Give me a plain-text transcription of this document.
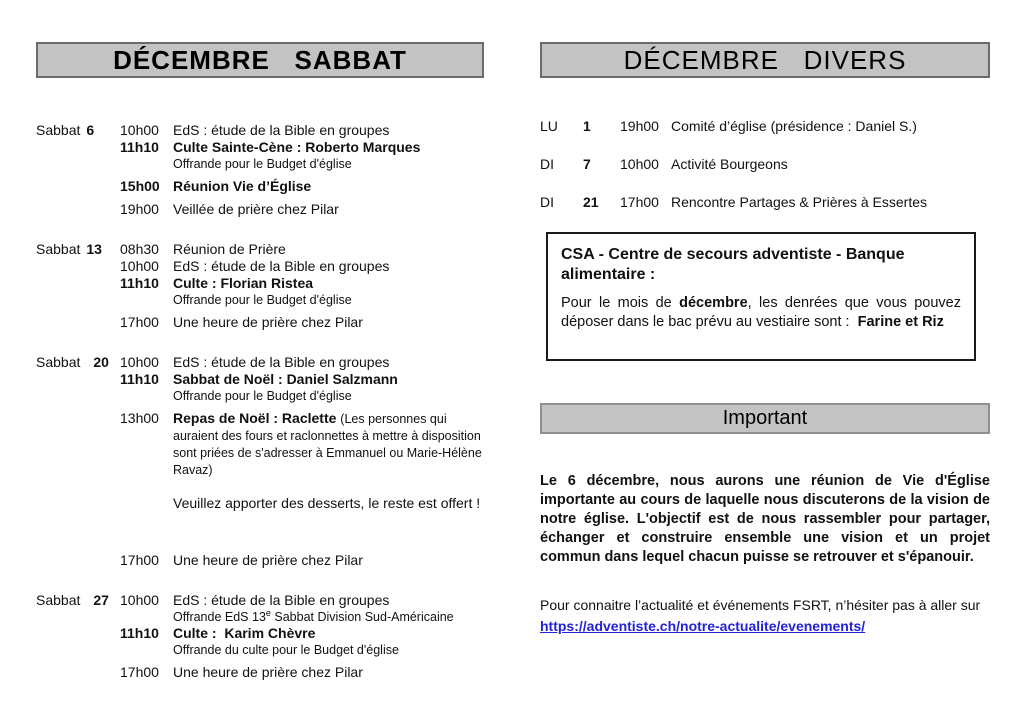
DÉCEMBRE   SABBAT
Sabbat 6 10h00	EdS : étude de la Bible en groupes
11h10	Culte Sainte-Cène : Roberto Marques
Offrande pour le Budget d'église
15h00 Réunion Vie d’Église
19h00	Veillée de prière chez Pilar
Sabbat 13 08h30	Réunion de Prière
10h00	EdS : étude de la Bible en groupes
11h10	Culte : Florian Ristea
Offrande pour le Budget d'église
17h00	Une heure de prière chez Pilar
Sabbat 20 10h00	EdS : étude de la Bible en groupes
11h10	Sabbat de Noël : Daniel Salzmann
Offrande pour le Budget d'église
13h00	Repas de Noël : Raclette (Les personnes qui auraient des fours et raclonnettes à mettre à disposition sont priées de s'adresser à Emmanuel ou Marie-Hélène Ravaz)

Veuillez apporter des desserts, le reste est offert !

17h00	Une heure de prière chez Pilar
Sabbat 27 10h00	EdS : étude de la Bible en groupes
Offrande EdS 13e Sabbat Division Sud-Américaine
11h10	Culte :  Karim Chèvre
Offrande du culte pour le Budget d'église
17h00	Une heure de prière chez Pilar
DÉCEMBRE   DIVERS
LU	1	19h00 Comité d’église (présidence : Daniel S.)
DI	7	10h00 Activité Bourgeons
DI	21	17h00 Rencontre Partages & Prières à Essertes
CSA - Centre de secours adventiste - Banque alimentaire :
Pour le mois de décembre, les denrées que vous pouvez déposer dans le bac prévu au vestiaire sont :  Farine et Riz
Important
Le 6 décembre, nous aurons une réunion de Vie d'Église importante au cours de laquelle nous discuterons de la vision de notre église. L'objectif est de nous rassembler pour partager, échanger et construire ensemble une vision et un projet commun dans lequel chacun puisse se retrouver et s'épanouir.
Pour connaitre l’actualité et événements FSRT, n’hésiter pas à aller sur
https://adventiste.ch/notre-actualite/evenements/
